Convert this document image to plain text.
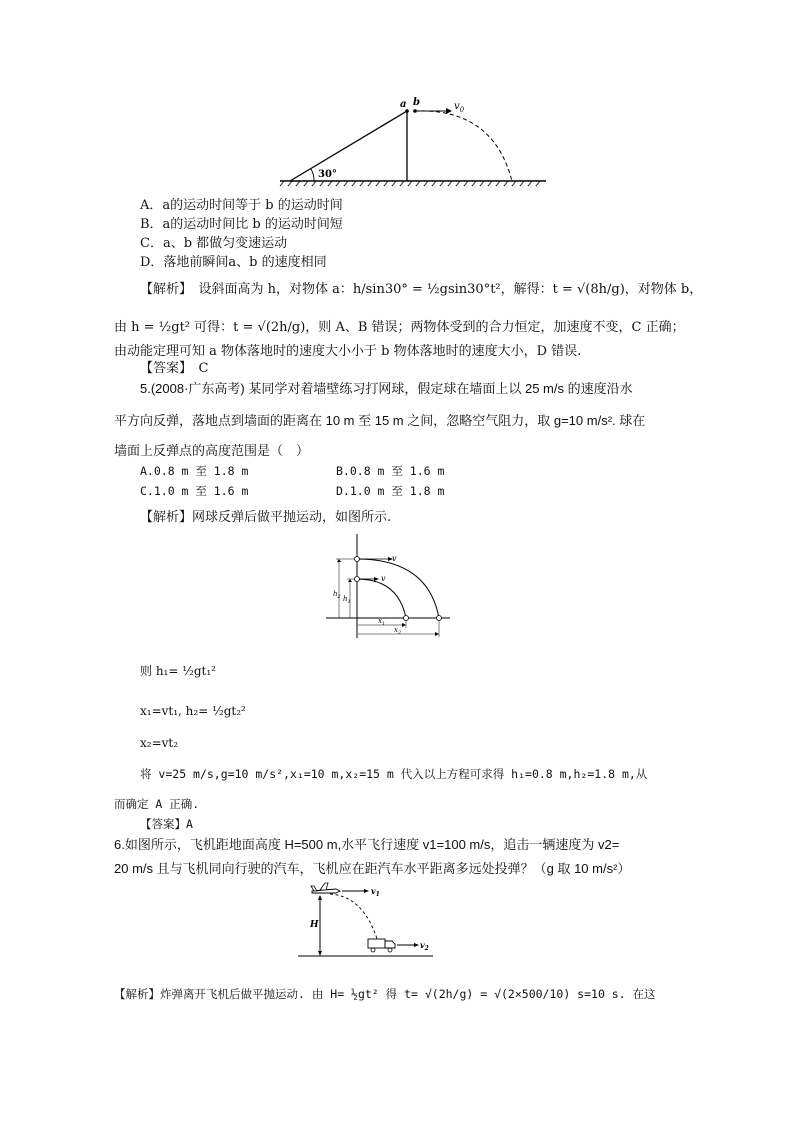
a b	$v_0$
30°
A．a的运动时间等于 b 的运动时间
B．a的运动时间比 b 的运动时间短
C．a、b 都做匀变速运动
D．落地前瞬间a、b 的速度相同
【解析】　设斜面高为 h，对物体 a：h/sin30° = ½gsin30°t²，解得：t = √(8h/g)，对物体 b，
由 h = ½gt² 可得：t = √(2h/g)，则 A、B 错误；两物体受到的合力恒定，加速度不变，C 正确；
由动能定理可知 a 物体落地时的速度大小小于 b 物体落地时的速度大小，D 错误.
【答案】　C
5.(2008·广东高考) 某同学对着墙壁练习打网球，假定球在墙面上以 25 m/s 的速度沿水
平方向反弹，落地点到墙面的距离在 10 m 至 15 m 之间，忽略空气阻力，取 g=10 m/s². 球在
墙面上反弹点的高度范围是（　）
A.0.8 m 至 1.8 m	B.0.8 m 至 1.6 m
C.1.0 m 至 1.6 m	D.1.0 m 至 1.8 m
【解析】网球反弹后做平抛运动，如图所示.
v
v
$h_2$ $h_1$
$x_1$
$x_2$
则 h₁= ½gt₁²
x₁=vt₁, h₂= ½gt₂²
x₂=vt₂
将 v=25 m/s,g=10 m/s²,x₁=10 m,x₂=15 m 代入以上方程可求得 h₁=0.8 m,h₂=1.8 m,从
而确定 A 正确.
【答案】A
6.如图所示，飞机距地面高度 H=500 m,水平飞行速度 v1=100 m/s，追击一辆速度为 v2=
20 m/s 且与飞机同向行驶的汽车，飞机应在距汽车水平距离多远处投弹？（g 取 10 m/s²）
$v_1$
H
$v_2$
【解析】炸弹离开飞机后做平抛运动. 由 H= ½gt² 得 t= √(2h/g) = √(2×500/10) s=10 s. 在这
